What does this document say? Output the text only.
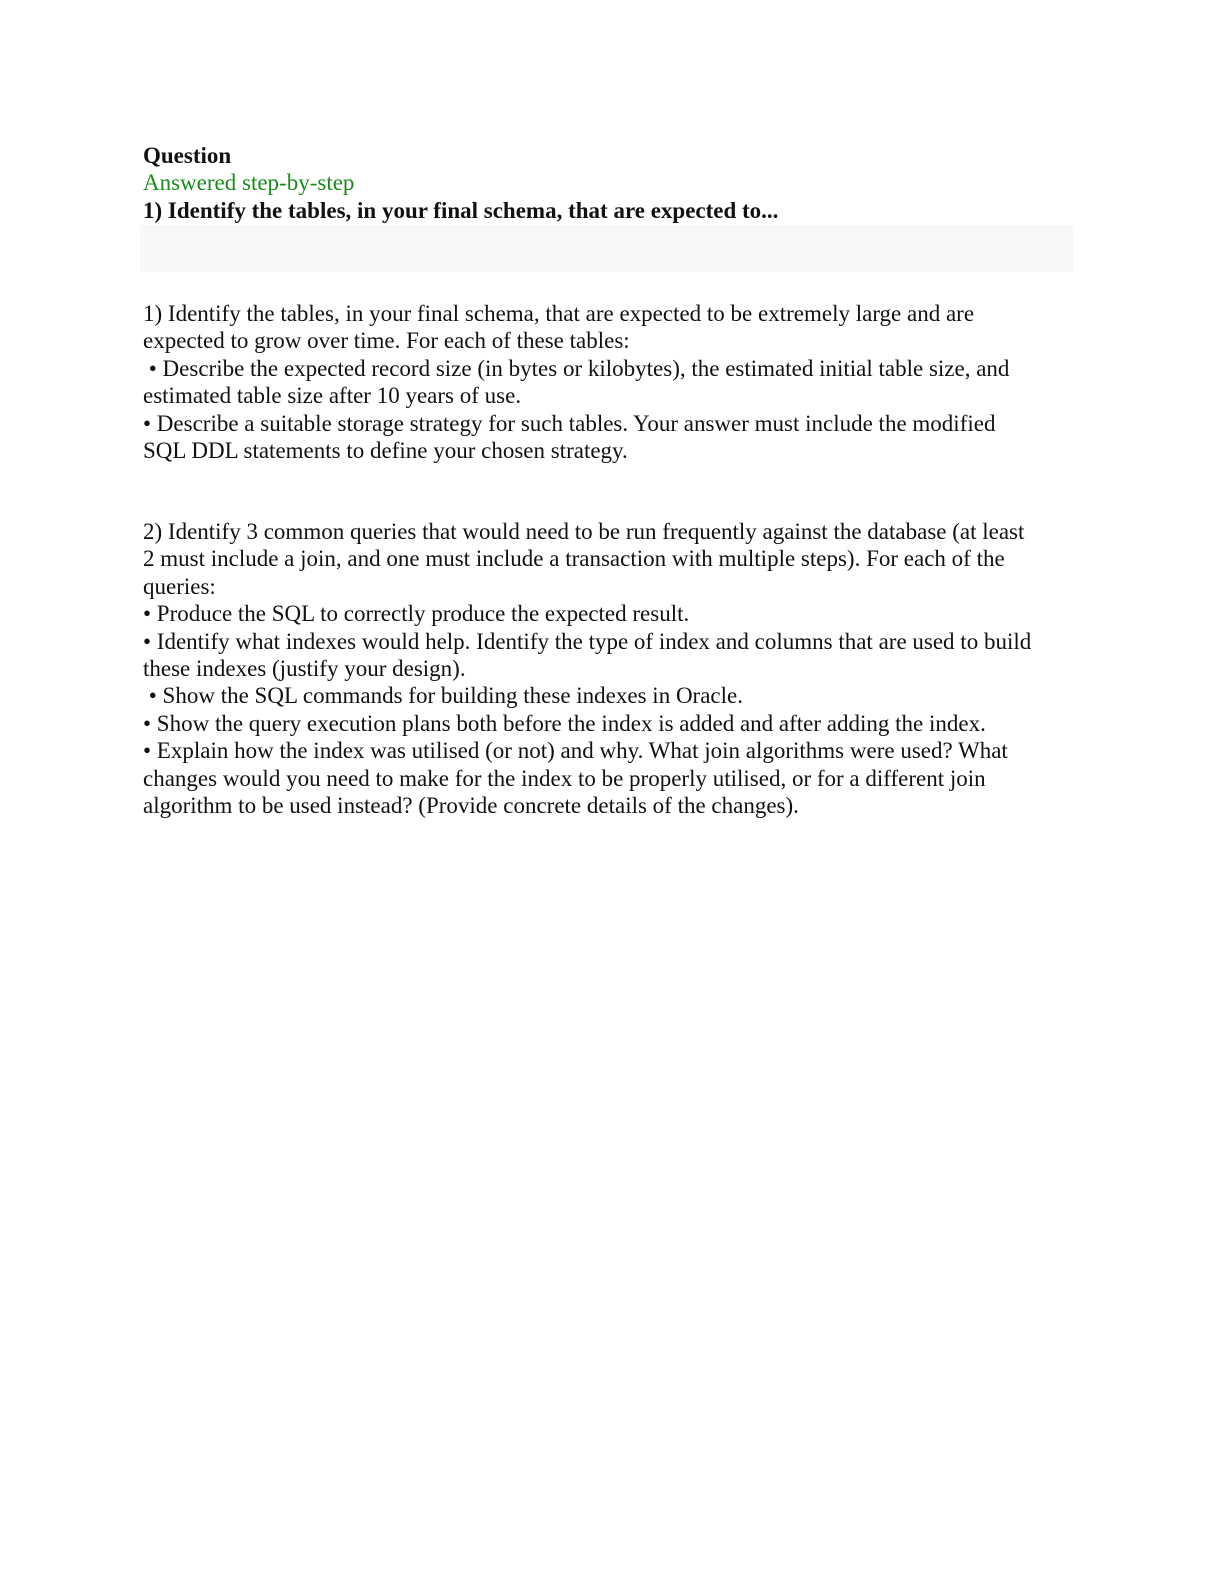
Question
Answered step-by-step
1) Identify the tables, in your final schema, that are expected to...
1) Identify the tables, in your final schema, that are expected to be extremely large and are
expected to grow over time. For each of these tables:
• Describe the expected record size (in bytes or kilobytes), the estimated initial table size, and
estimated table size after 10 years of use.
• Describe a suitable storage strategy for such tables. Your answer must include the modified
SQL DDL statements to define your chosen strategy.
2) Identify 3 common queries that would need to be run frequently against the database (at least
2 must include a join, and one must include a transaction with multiple steps). For each of the
queries:
• Produce the SQL to correctly produce the expected result.
• Identify what indexes would help. Identify the type of index and columns that are used to build
these indexes (justify your design).
• Show the SQL commands for building these indexes in Oracle.
• Show the query execution plans both before the index is added and after adding the index.
• Explain how the index was utilised (or not) and why. What join algorithms were used? What
changes would you need to make for the index to be properly utilised, or for a different join
algorithm to be used instead? (Provide concrete details of the changes).
